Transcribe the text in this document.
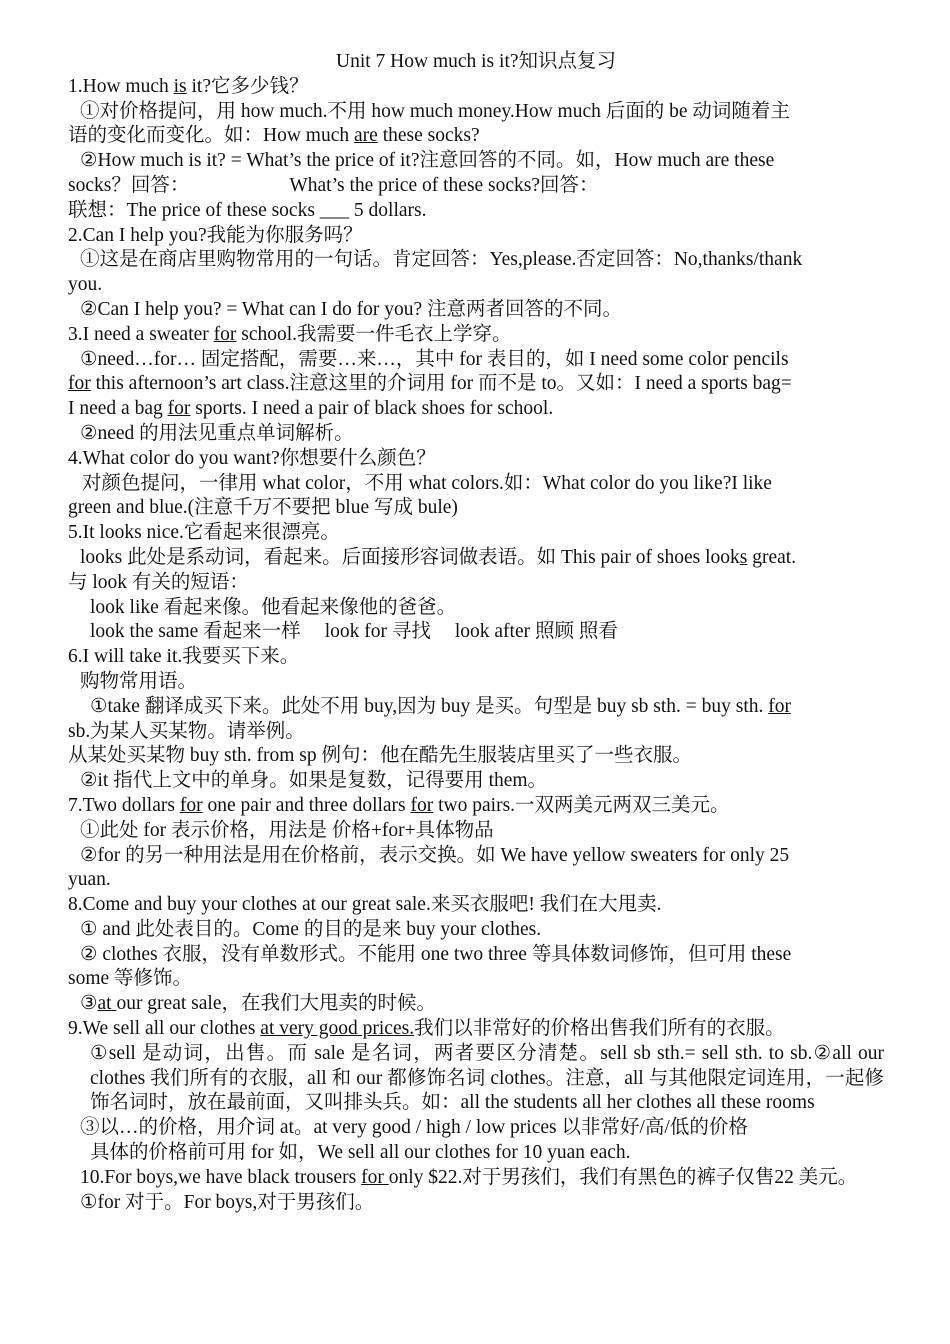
Unit 7 How much is it?知识点复习
1.How much is it?它多少钱？
①对价格提问，用 how much.不用 how much money.How much 后面的 be 动词随着主
语的变化而变化。如：How much are these socks?
②How much is it? = What’s the price of it?注意回答的不同。如，How much are these
socks？回答：	What’s the price of these socks?回答：
联想：The price of these socks ___ 5 dollars.
2.Can I help you?我能为你服务吗？
①这是在商店里购物常用的一句话。肯定回答：Yes,please.否定回答：No,thanks/thank
you.
②Can I help you? = What can I do for you? 注意两者回答的不同。
3.I need a sweater for school.我需要一件毛衣上学穿。
①need…for… 固定搭配，需要…来…，其中 for 表目的，如 I need some color pencils
for this afternoon’s art class.注意这里的介词用 for 而不是 to。又如：I need a sports bag=
I need a bag for sports. I need a pair of black shoes for school.
②need 的用法见重点单词解析。
4.What color do you want?你想要什么颜色？
对颜色提问，一律用 what color，不用 what colors.如：What color do you like?I like
green and blue.(注意千万不要把 blue 写成 bule)
5.It looks nice.它看起来很漂亮。
looks 此处是系动词，看起来。后面接形容词做表语。如 This pair of shoes looks great.
与 look 有关的短语：
look like 看起来像。他看起来像他的爸爸。
look the same 看起来一样 look for 寻找 look after 照顾 照看
6.I will take it.我要买下来。
购物常用语。
①take 翻译成买下来。此处不用 buy,因为 buy 是买。句型是 buy sb sth. = buy sth. for
sb.为某人买某物。请举例。
从某处买某物 buy sth. from sp 例句：他在酷先生服装店里买了一些衣服。
②it 指代上文中的单身。如果是复数，记得要用 them。
7.Two dollars for one pair and three dollars for two pairs.一双两美元两双三美元。
①此处 for 表示价格，用法是 价格+for+具体物品
②for 的另一种用法是用在价格前，表示交换。如 We have yellow sweaters for only 25
yuan.
8.Come and buy your clothes at our great sale.来买衣服吧! 我们在大甩卖.
① and 此处表目的。Come 的目的是来 buy your clothes.
② clothes 衣服，没有单数形式。不能用 one two three 等具体数词修饰，但可用 these
some 等修饰。
③at our great sale，在我们大甩卖的时候。
9.We sell all our clothes at very good prices.我们以非常好的价格出售我们所有的衣服。
①sell 是动词，出售。而 sale 是名词，两者要区分清楚。sell sb sth.= sell sth. to sb.②all our clothes 我们所有的衣服，all 和 our 都修饰名词 clothes。注意，all 与其他限定词连用，一起修饰名词时，放在最前面，又叫排头兵。如：all the students all her clothes all these rooms
③以…的价格，用介词 at。at very good / high / low prices 以非常好/高/低的价格
具体的价格前可用 for 如，We sell all our clothes for 10 yuan each.
10.For boys,we have black trousers for only $22.对于男孩们，我们有黑色的裤子仅售22 美元。
①for 对于。For boys,对于男孩们。
